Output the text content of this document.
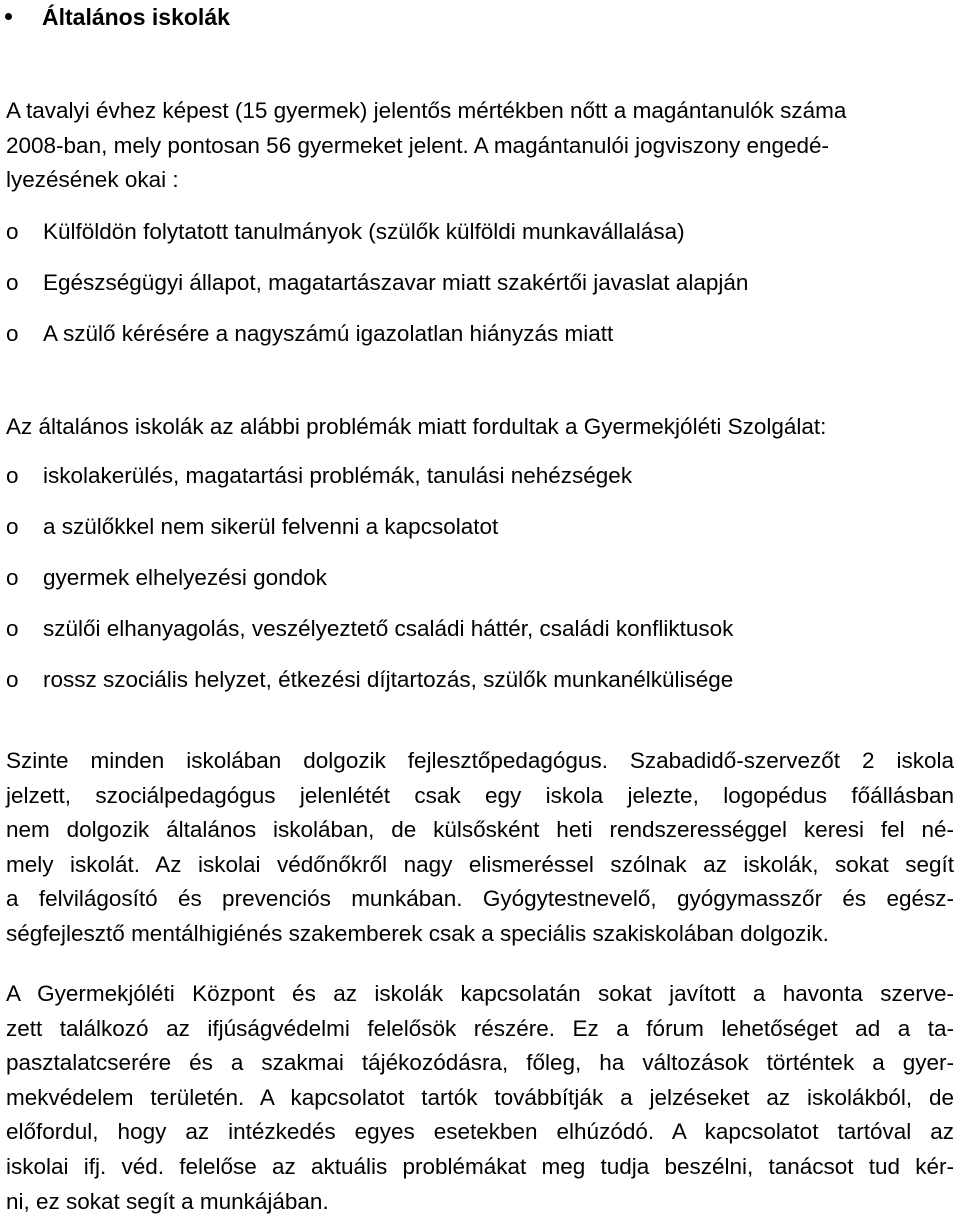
Általános iskolák

A tavalyi évhez képest (15 gyermek) jelentős mértékben nőtt a magántanulók száma
2008-ban, mely pontosan 56 gyermeket jelent. A magántanulói jogviszony engedé-
lyezésének okai :

o Külföldön folytatott tanulmányok (szülők külföldi munkavállalása)
o Egészségügyi állapot, magatartászavar miatt szakértői javaslat alapján
o A szülő kérésére a nagyszámú igazolatlan hiányzás miatt

Az általános iskolák az alábbi problémák miatt fordultak a Gyermekjóléti Szolgálat:

o iskolakerülés, magatartási problémák, tanulási nehézségek
o a szülőkkel nem sikerül felvenni a kapcsolatot
o gyermek elhelyezési gondok
o szülői elhanyagolás, veszélyeztető családi háttér, családi konfliktusok
o rossz szociális helyzet, étkezési díjtartozás, szülők munkanélkülisége

Szinte minden iskolában dolgozik fejlesztőpedagógus. Szabadidő-szervezőt 2 iskola
jelzett, szociálpedagógus jelenlétét csak egy iskola jelezte, logopédus főállásban
nem dolgozik általános iskolában, de külsősként heti rendszerességgel keresi fel né-
mely iskolát. Az iskolai védőnőkről nagy elismeréssel szólnak az iskolák, sokat segít
a felvilágosító és prevenciós munkában. Gyógytestnevelő, gyógymasszőr és egész-
ségfejlesztő mentálhigiénés szakemberek csak a speciális szakiskolában dolgozik.

A Gyermekjóléti Központ és az iskolák kapcsolatán sokat javított a havonta szerve-
zett találkozó az ifjúságvédelmi felelősök részére. Ez a fórum lehetőséget ad a ta-
pasztalatcserére és a szakmai tájékozódásra, főleg, ha változások történtek a gyer-
mekvédelem területén. A kapcsolatot tartók továbbítják a jelzéseket az iskolákból, de
előfordul, hogy az intézkedés egyes esetekben elhúzódó. A kapcsolatot tartóval az
iskolai ifj. véd. felelőse az aktuális problémákat meg tudja beszélni, tanácsot tud kér-
ni, ez sokat segít a munkájában.
